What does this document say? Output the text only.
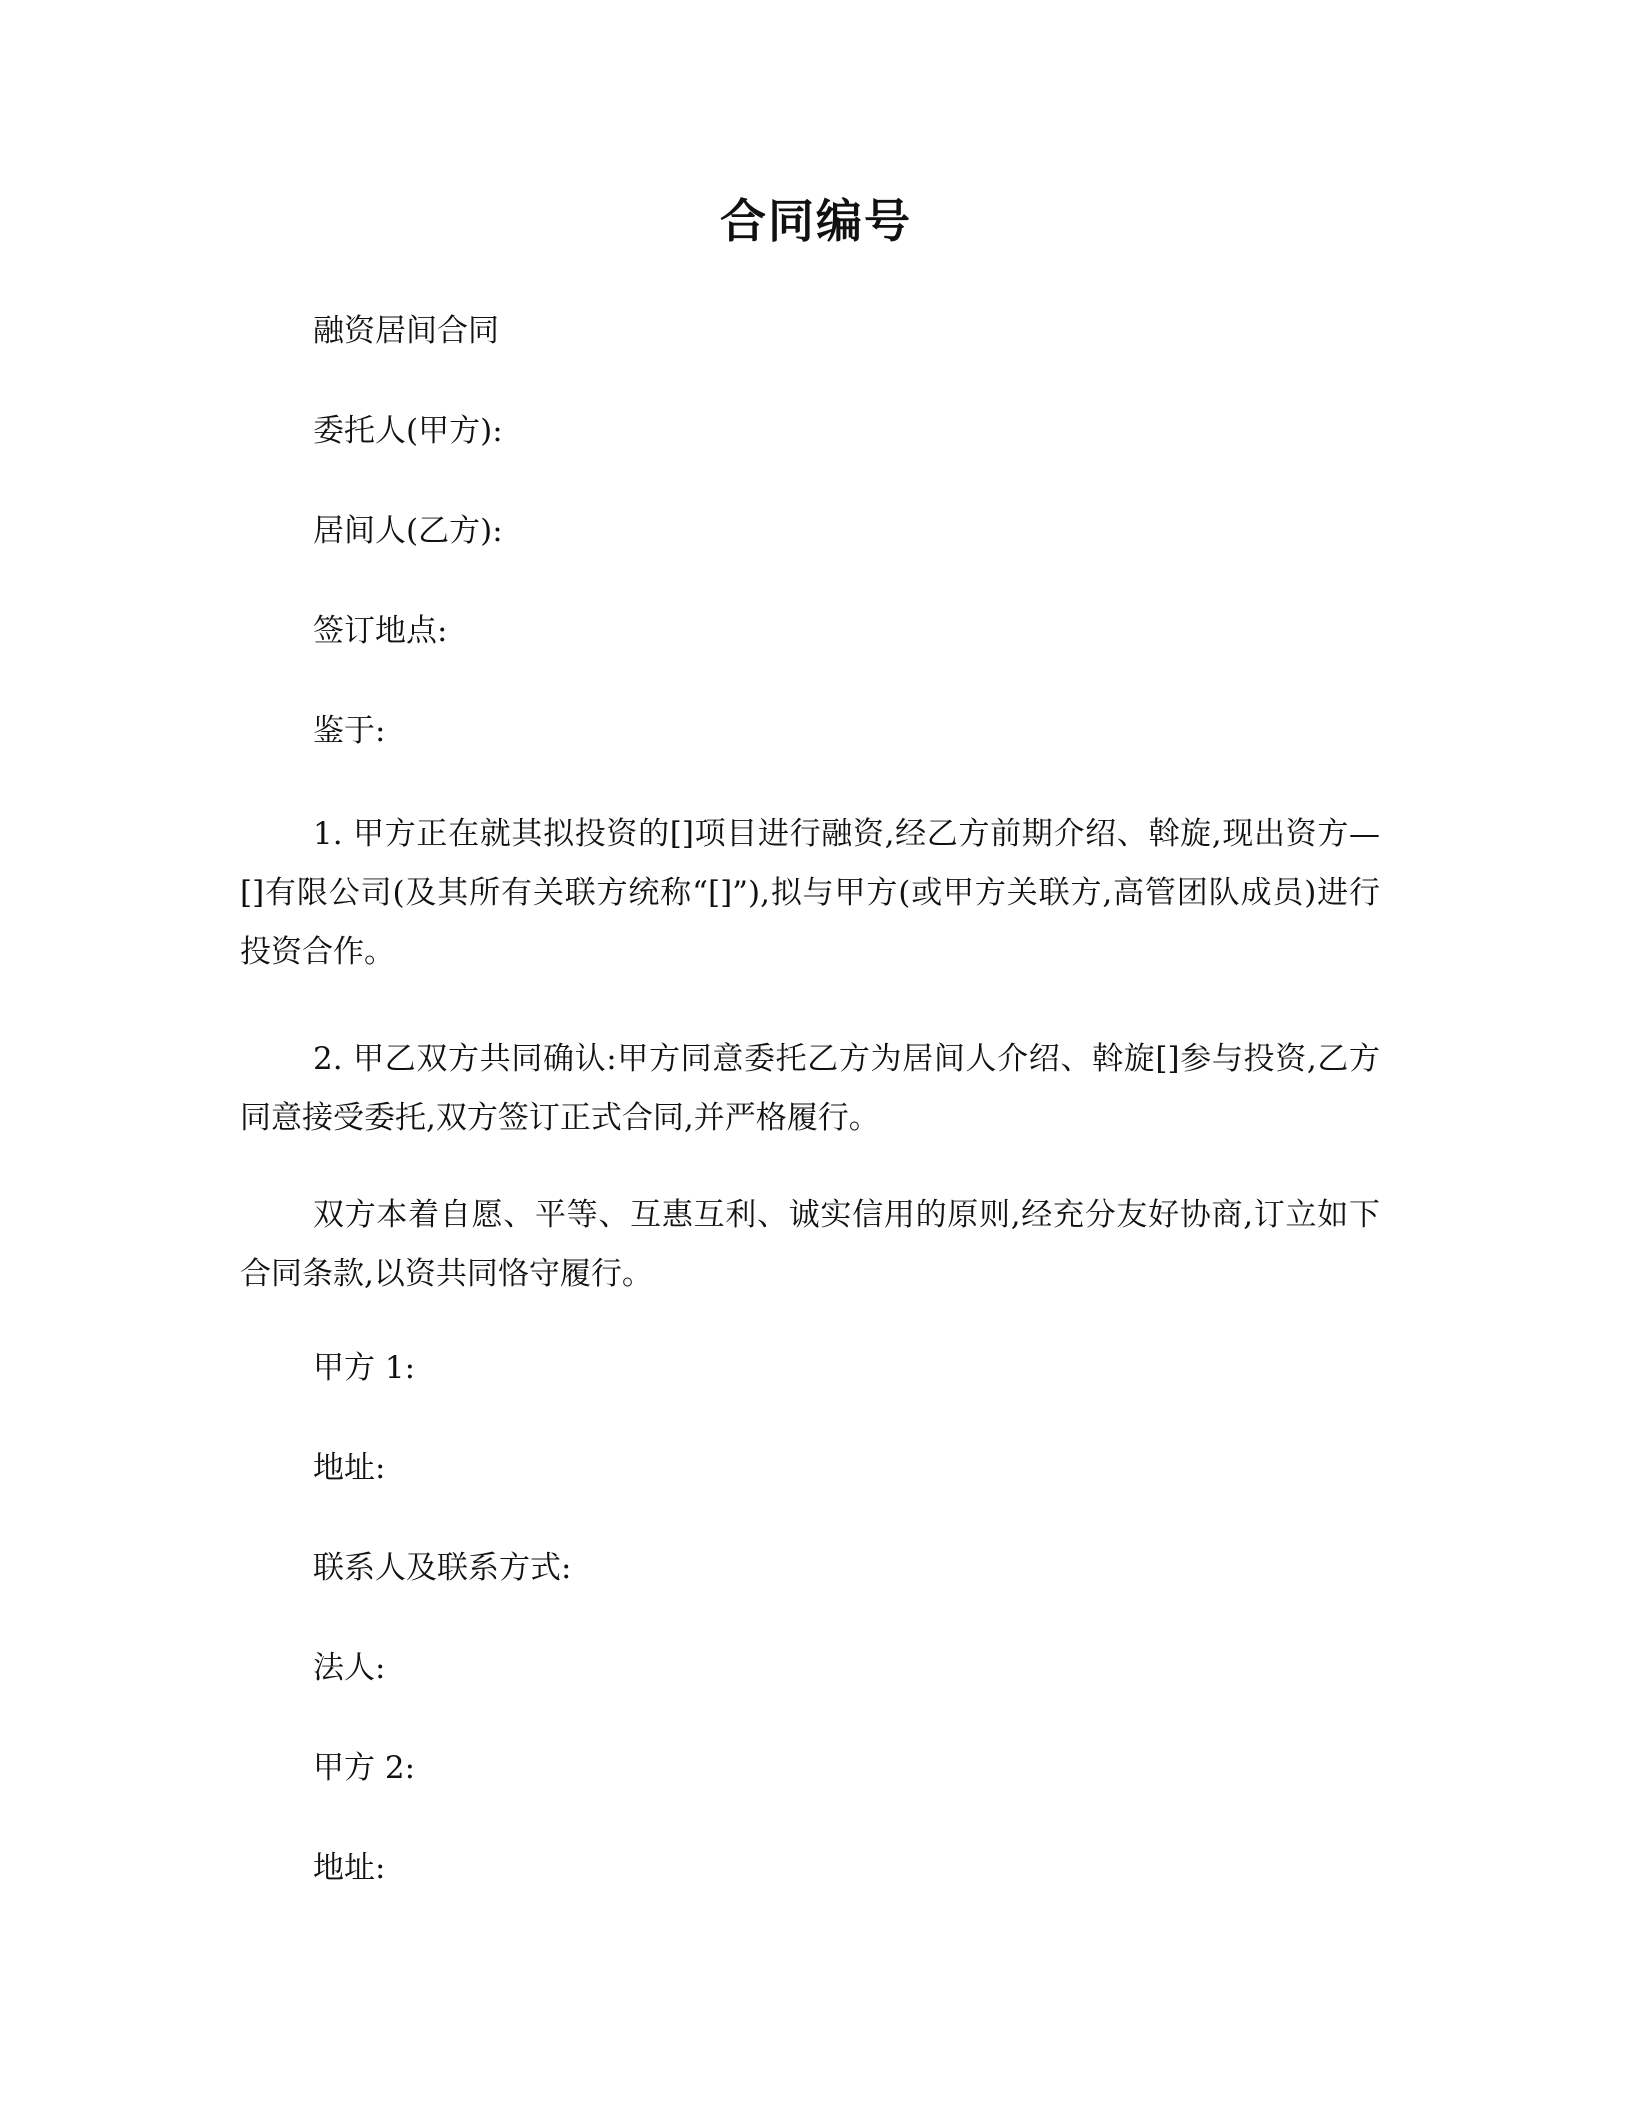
合同编号
融资居间合同
委托人(甲方):
居间人(乙方):
签订地点:
鉴于:
1. 甲方正在就其拟投资的[]项目进行融资,经乙方前期介绍、斡旋,现出资方—[]有限公司(及其所有关联方统称“[]”),拟与甲方(或甲方关联方,高管团队成员)进行投资合作。
2. 甲乙双方共同确认:甲方同意委托乙方为居间人介绍、斡旋[]参与投资,乙方同意接受委托,双方签订正式合同,并严格履行。
双方本着自愿、平等、互惠互利、诚实信用的原则,经充分友好协商,订立如下合同条款,以资共同恪守履行。
甲方 1:
地址:
联系人及联系方式:
法人:
甲方 2:
地址:
